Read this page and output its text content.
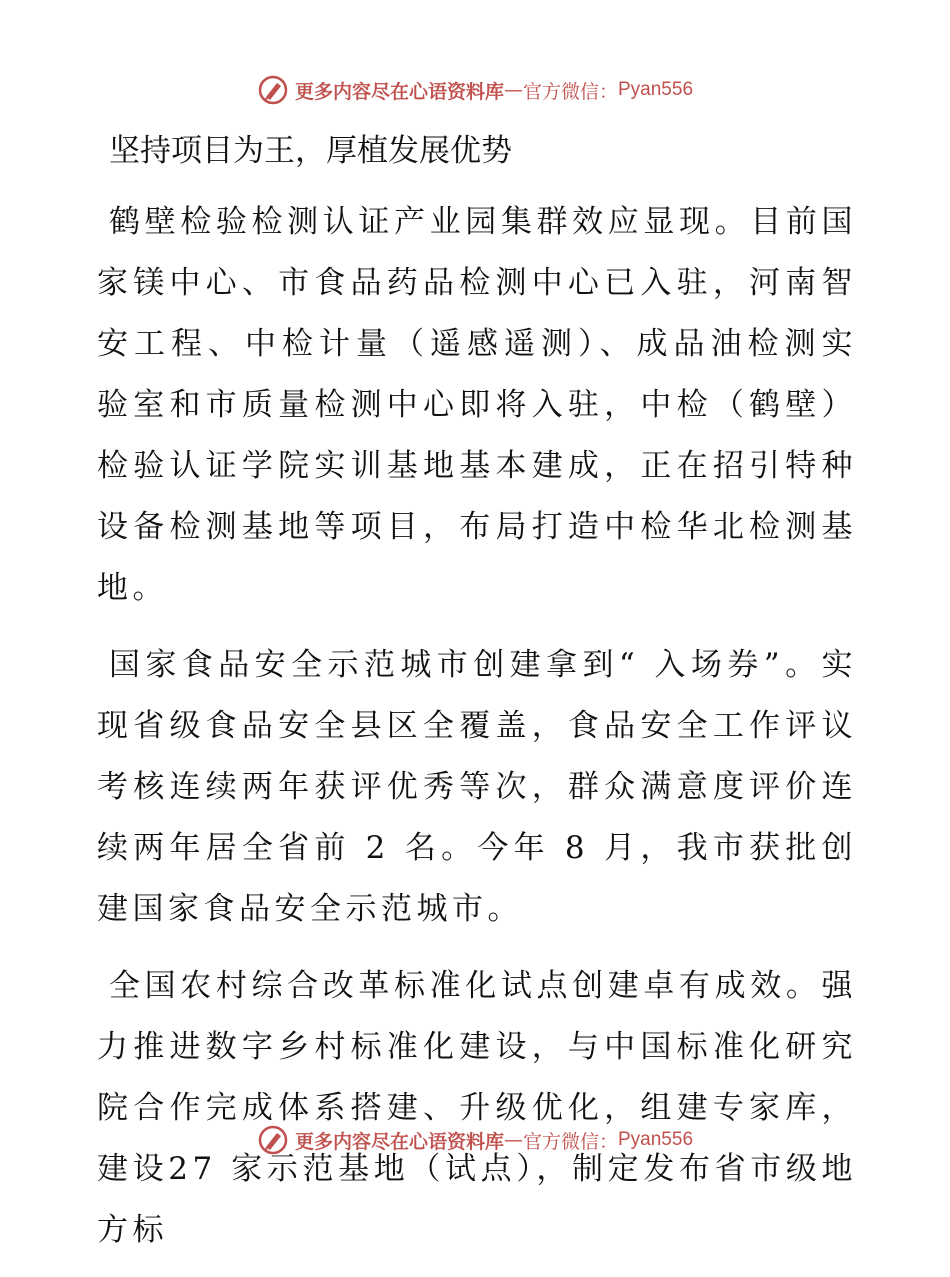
更多内容尽在心语资料库 — 官方微信： Pyan556
坚持项目为王，厚植发展优势

鹤壁检验检测认证产业园集群效应显现。目前国家镁中心、市食品药品检测中心已入驻，河南智安工程、中检计量（遥感遥测）、成品油检测实验室和市质量检测中心即将入驻，中检（鹤壁）检验认证学院实训基地基本建成，正在招引特种设备检测基地等项目，布局打造中检华北检测基地。

国家食品安全示范城市创建拿到“ 入场券”。实现省级食品安全县区全覆盖，食品安全工作评议考核连续两年获评优秀等次，群众满意度评价连续两年居全省前 2 名。今年 8 月，我市获批创建国家食品安全示范城市。

全国农村综合改革标准化试点创建卓有成效。强力推进数字乡村标准化建设，与中国标准化研究院合作完成体系搭建、升级优化，组建专家库，建设27 家示范基地（试点），制定发布省市级地方标

更多内容尽在心语资料库 — 官方微信： Pyan556
